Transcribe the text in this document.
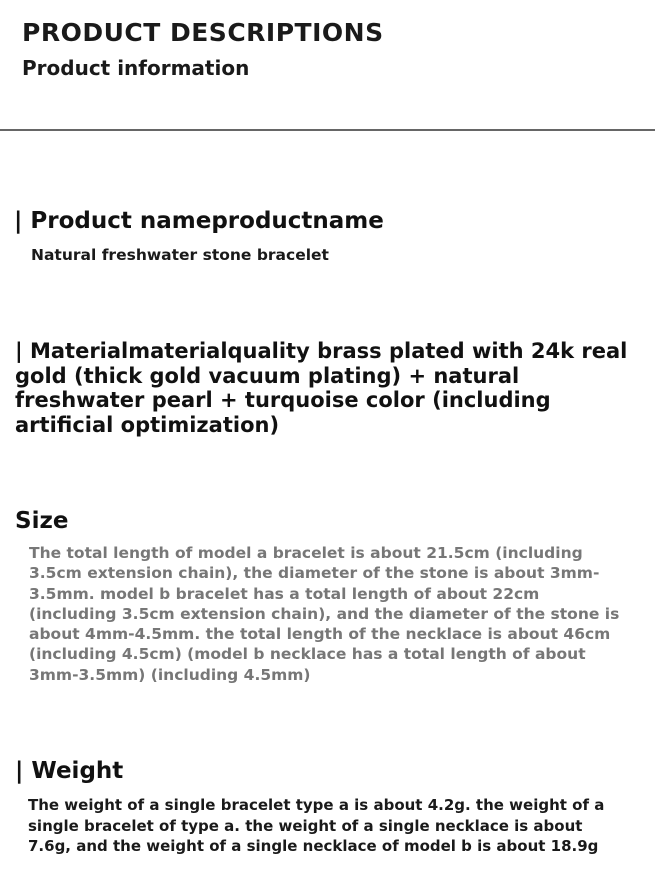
PRODUCT DESCRIPTIONS
Product information
| Product nameproductname

Natural freshwater stone bracelet

| Materialmaterialquality brass plated with 24k real gold (thick gold vacuum plating) + natural freshwater pearl + turquoise color (including artificial optimization)
Size

The total length of model a bracelet is about 21.5cm (including 3.5cm extension chain), the diameter of the stone is about 3mm-3.5mm. model b bracelet has a total length of about 22cm (including 3.5cm extension chain), and the diameter of the stone is about 4mm-4.5mm. the total length of the necklace is about 46cm (including 4.5cm) (model b necklace has a total length of about 3mm-3.5mm) (including 4.5mm)

| Weight

The weight of a single bracelet type a is about 4.2g. the weight of a single bracelet of type a. the weight of a single necklace is about 7.6g, and the weight of a single necklace of model b is about 18.9g
